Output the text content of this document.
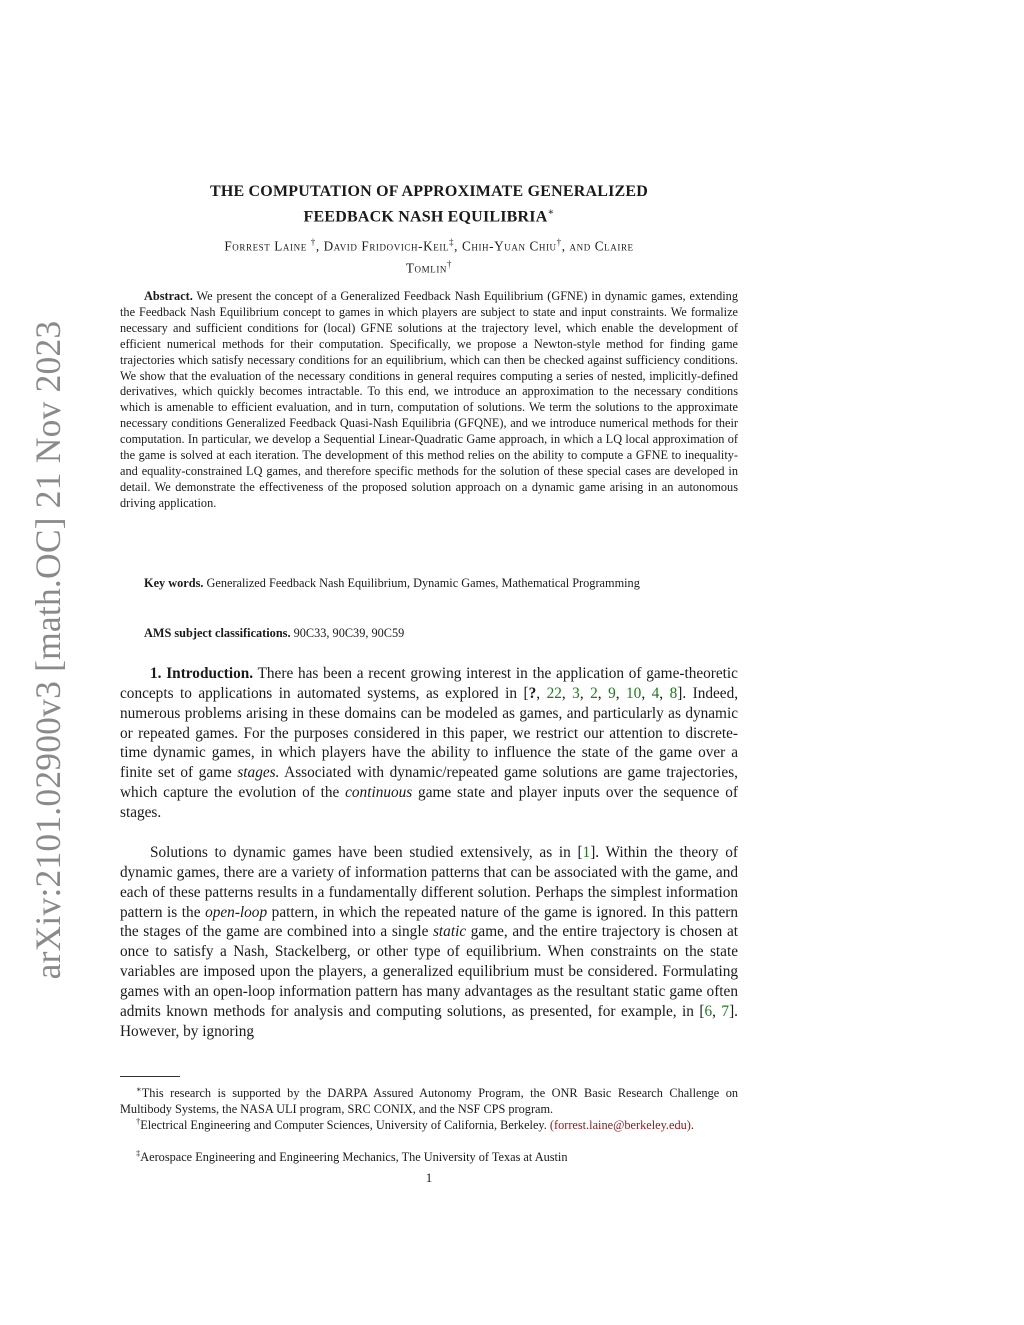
arXiv:2101.02900v3 [math.OC] 21 Nov 2023
THE COMPUTATION OF APPROXIMATE GENERALIZED
FEEDBACK NASH EQUILIBRIA∗
Forrest Laine †, David Fridovich-Keil‡, Chih-Yuan Chiu†, and Claire
Tomlin†
Abstract. We present the concept of a Generalized Feedback Nash Equilibrium (GFNE) in dynamic games, extending the Feedback Nash Equilibrium concept to games in which players are subject to state and input constraints. We formalize necessary and sufficient conditions for (local) GFNE solutions at the trajectory level, which enable the development of efficient numerical methods for their computation. Specifically, we propose a Newton-style method for finding game trajectories which satisfy necessary conditions for an equilibrium, which can then be checked against sufficiency conditions. We show that the evaluation of the necessary conditions in general requires computing a series of nested, implicitly-defined derivatives, which quickly becomes intractable. To this end, we introduce an approximation to the necessary conditions which is amenable to efficient evaluation, and in turn, computation of solutions. We term the solutions to the approximate necessary conditions Generalized Feedback Quasi-Nash Equilibria (GFQNE), and we introduce numerical methods for their computation. In particular, we develop a Sequential Linear-Quadratic Game approach, in which a LQ local approximation of the game is solved at each iteration. The development of this method relies on the ability to compute a GFNE to inequality- and equality-constrained LQ games, and therefore specific methods for the solution of these special cases are developed in detail. We demonstrate the effectiveness of the proposed solution approach on a dynamic game arising in an autonomous driving application.
Key words. Generalized Feedback Nash Equilibrium, Dynamic Games, Mathematical Programming
AMS subject classifications. 90C33, 90C39, 90C59

1. Introduction. There has been a recent growing interest in the application of game-theoretic concepts to applications in automated systems, as explored in [?, 22, 3, 2, 9, 10, 4, 8]. Indeed, numerous problems arising in these domains can be modeled as games, and particularly as dynamic or repeated games. For the purposes considered in this paper, we restrict our attention to discrete-time dynamic games, in which players have the ability to influence the state of the game over a finite set of game stages. Associated with dynamic/repeated game solutions are game trajectories, which capture the evolution of the continuous game state and player inputs over the sequence of stages.

Solutions to dynamic games have been studied extensively, as in [1]. Within the theory of dynamic games, there are a variety of information patterns that can be associated with the game, and each of these patterns results in a fundamentally different solution. Perhaps the simplest information pattern is the open-loop pattern, in which the repeated nature of the game is ignored. In this pattern the stages of the game are combined into a single static game, and the entire trajectory is chosen at once to satisfy a Nash, Stackelberg, or other type of equilibrium. When constraints on the state variables are imposed upon the players, a generalized equilibrium must be considered. Formulating games with an open-loop information pattern has many advantages as the resultant static game often admits known methods for analysis and computing solutions, as presented, for example, in [6, 7]. However, by ignoring

∗This research is supported by the DARPA Assured Autonomy Program, the ONR Basic Research Challenge on Multibody Systems, the NASA ULI program, SRC CONIX, and the NSF CPS program.
†Electrical Engineering and Computer Sciences, University of California, Berkeley. (forrest.laine@berkeley.edu).
‡Aerospace Engineering and Engineering Mechanics, The University of Texas at Austin
1
